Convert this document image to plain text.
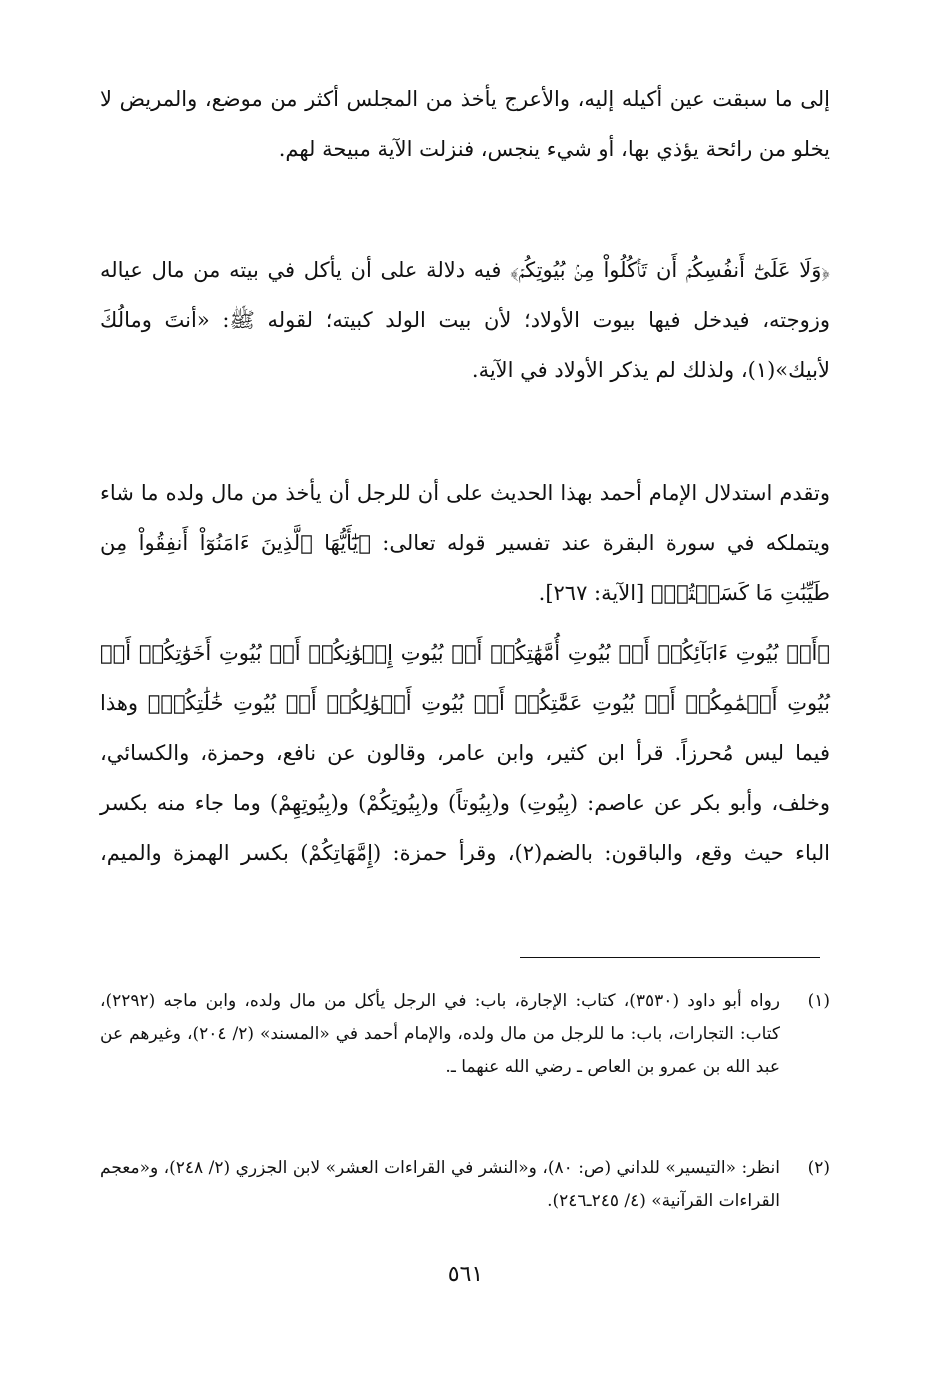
إلى ما سبقت عين أكيله إليه، والأعرج يأخذ من المجلس أكثر من موضع، والمريض لا يخلو من رائحة يؤذي بها، أو شيء ينجس، فنزلت الآية مبيحة لهم.
﴿وَلَا عَلَىٰٓ أَنفُسِكُمۡ أَن تَأۡكُلُواْ مِنۢ بُيُوتِكُمۡ﴾ فيه دلالة على أن يأكل في بيته من مال عياله وزوجته، فيدخل فيها بيوت الأولاد؛ لأن بيت الولد كبيته؛ لقوله ﷺ: «أنتَ ومالُكَ لأبيك»(١)، ولذلك لم يذكر الأولاد في الآية.
وتقدم استدلال الإمام أحمد بهذا الحديث على أن للرجل أن يأخذ من مال ولده ما شاء ويتملكه في سورة البقرة عند تفسير قوله تعالى: ﴿يَٰٓأَيُّهَا ٱلَّذِينَ ءَامَنُوٓاْ أَنفِقُواْ مِن طَيِّبَٰتِ مَا كَسَبۡتُمۡ﴾ [الآية: ٢٦٧].
﴿أَوۡ بُيُوتِ ءَابَآئِكُمۡ أَوۡ بُيُوتِ أُمَّهَٰتِكُمۡ أَوۡ بُيُوتِ إِخۡوَٰنِكُمۡ أَوۡ بُيُوتِ أَخَوَٰتِكُمۡ أَوۡ بُيُوتِ أَعۡمَٰمِكُمۡ أَوۡ بُيُوتِ عَمَّٰتِكُمۡ أَوۡ بُيُوتِ أَخۡوَٰلِكُمۡ أَوۡ بُيُوتِ خَٰلَٰتِكُمۡ﴾ وهذا فيما ليس مُحرزاً. قرأ ابن كثير، وابن عامر، وقالون عن نافع، وحمزة، والكسائي، وخلف، وأبو بكر عن عاصم: (بِيُوتِ) و(بِيُوتاً) و(بِيُوتِكُمْ) و(بِيُوتِهِمْ) وما جاء منه بكسر الباء حيث وقع، والباقون: بالضم(٢)، وقرأ حمزة: (إِمَّهَاتِكُمْ) بكسر الهمزة والميم،
(١)
رواه أبو داود (٣٥٣٠)، كتاب: الإجارة، باب: في الرجل يأكل من مال ولده، وابن ماجه (٢٢٩٢)، كتاب: التجارات، باب: ما للرجل من مال ولده، والإمام أحمد في «المسند» (٢/ ٢٠٤)، وغيرهم عن عبد الله بن عمرو بن العاص ـ رضي الله عنهما ـ.
(٢)
انظر: «التيسير» للداني (ص: ٨٠)، و«النشر في القراءات العشر» لابن الجزري (٢/ ٢٤٨)، و«معجم القراءات القرآنية» (٤/ ٢٤٥ـ٢٤٦).
٥٦١
